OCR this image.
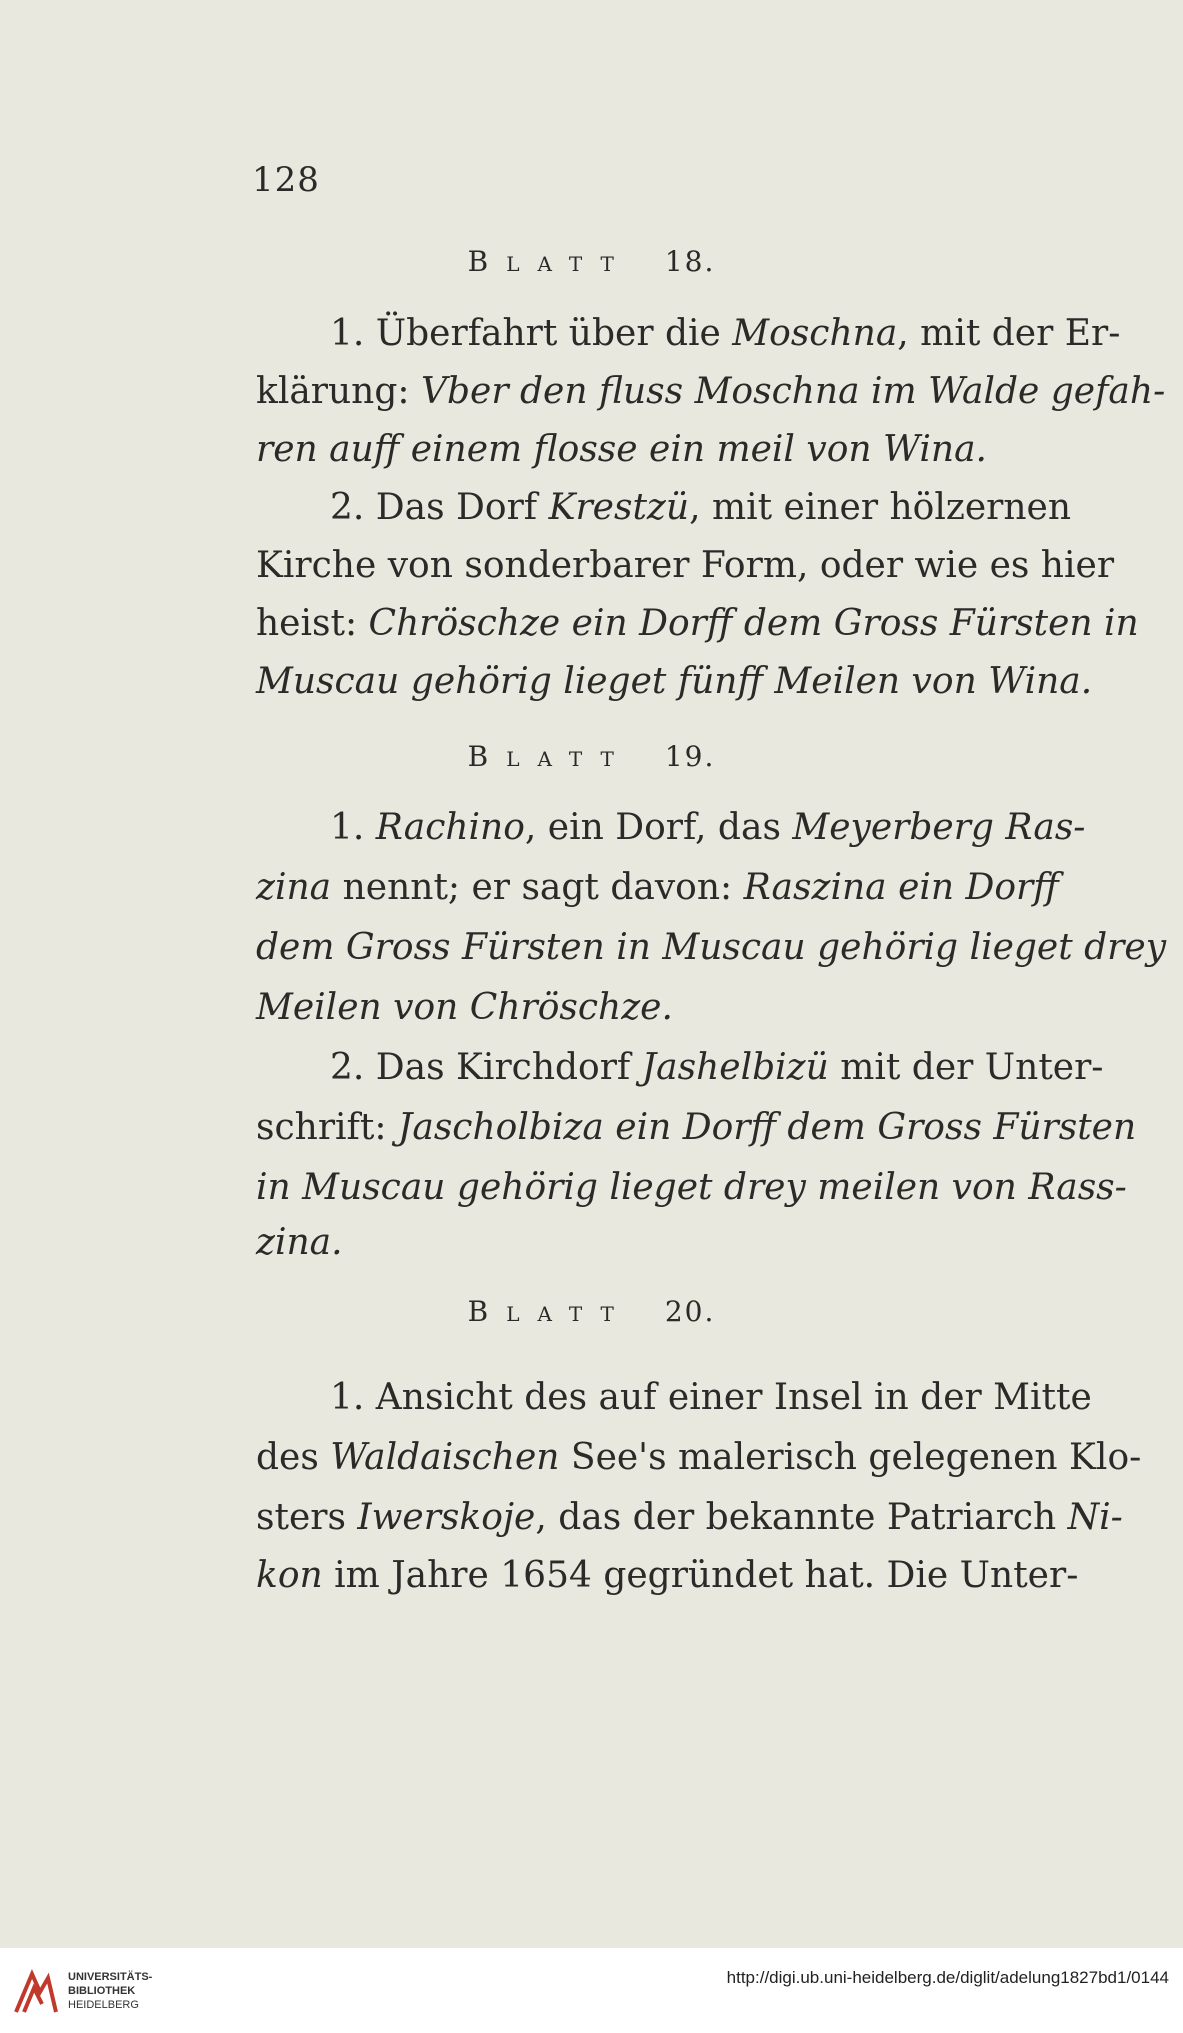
128
Blatt 18.
1. Überfahrt über die Moschna, mit der Er-
klärung: Vber den fluss Moschna im Walde gefah-
ren auff einem flosse ein meil von Wina.
2. Das Dorf Krestzü, mit einer hölzernen
Kirche von sonderbarer Form, oder wie es hier
heist: Chröschze ein Dorff dem Gross Fürsten in
Muscau gehörig lieget fünff Meilen von Wina.
Blatt 19.
1. Rachino, ein Dorf, das Meyerberg Ras-
zina nennt; er sagt davon: Raszina ein Dorff
dem Gross Fürsten in Muscau gehörig lieget drey
Meilen von Chröschze.
2. Das Kirchdorf Jashelbizü mit der Unter-
schrift: Jascholbiza ein Dorff dem Gross Fürsten
in Muscau gehörig lieget drey meilen von Rass-
zina.
Blatt 20.
1. Ansicht des auf einer Insel in der Mitte
des Waldaischen See's malerisch gelegenen Klo-
sters Iwerskoje, das der bekannte Patriarch Ni-
kon im Jahre 1654 gegründet hat. Die Unter-
UNIVERSITÄTS-
BIBLIOTHEK
HEIDELBERG
http://digi.ub.uni-heidelberg.de/diglit/adelung1827bd1/0144
